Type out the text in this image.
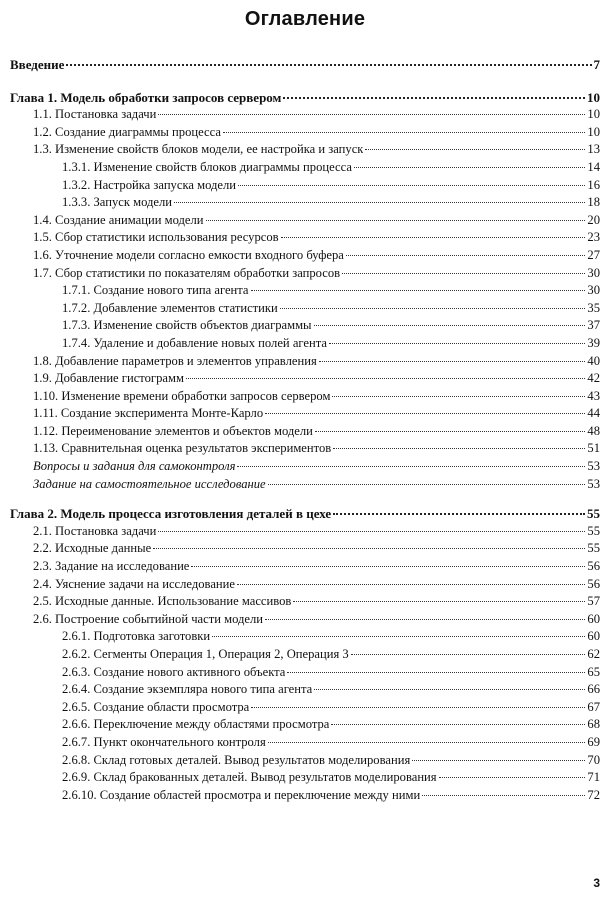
Оглавление
Введение	7
Глава 1. Модель обработки запросов сервером	10
1.1. Постановка задачи	10
1.2. Создание диаграммы процесса	10
1.3. Изменение свойств блоков модели, ее настройка и запуск	13
1.3.1. Изменение свойств блоков диаграммы процесса	14
1.3.2. Настройка запуска модели	16
1.3.3. Запуск модели	18
1.4. Создание анимации модели	20
1.5. Сбор статистики использования ресурсов	23
1.6. Уточнение модели согласно емкости входного буфера	27
1.7. Сбор статистики по показателям обработки запросов	30
1.7.1. Создание нового типа агента	30
1.7.2. Добавление элементов статистики	35
1.7.3. Изменение свойств объектов диаграммы	37
1.7.4. Удаление и добавление новых полей агента	39
1.8. Добавление параметров и элементов управления	40
1.9. Добавление гистограмм	42
1.10. Изменение времени обработки запросов сервером	43
1.11. Создание эксперимента Монте-Карло	44
1.12. Переименование элементов и объектов модели	48
1.13. Сравнительная оценка результатов экспериментов	51
Вопросы и задания для самоконтроля	53
Задание на самостоятельное исследование	53
Глава 2. Модель процесса изготовления деталей в цехе	55
2.1. Постановка задачи	55
2.2. Исходные данные	55
2.3. Задание на исследование	56
2.4. Уяснение задачи на исследование	56
2.5. Исходные данные. Использование массивов	57
2.6. Построение событийной части модели	60
2.6.1. Подготовка заготовки	60
2.6.2. Сегменты Операция 1, Операция 2, Операция 3	62
2.6.3. Создание нового активного объекта	65
2.6.4. Создание экземпляра нового типа агента	66
2.6.5. Создание области просмотра	67
2.6.6. Переключение между областями просмотра	68
2.6.7. Пункт окончательного контроля	69
2.6.8. Склад готовых деталей. Вывод результатов моделирования	70
2.6.9. Склад бракованных деталей. Вывод результатов моделирования	71
2.6.10. Создание областей просмотра и переключение между ними	72
3
